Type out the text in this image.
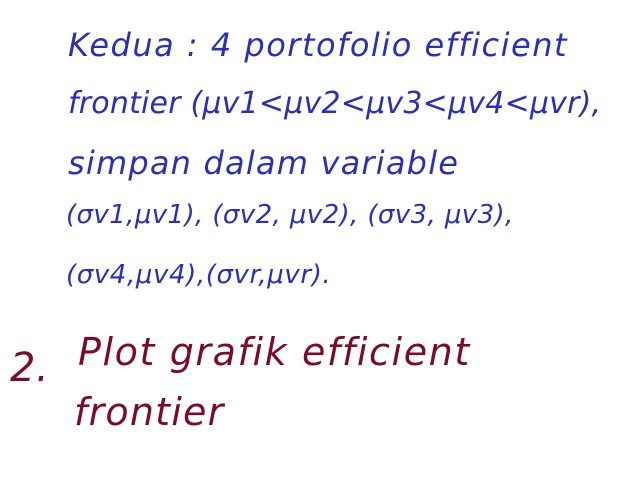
Kedua : 4 portofolio efficient
frontier (μv1<μv2<μv3<μv4<μvr),
simpan dalam variable
(σv1,μv1), (σv2, μv2), (σv3, μv3),
(σv4,μv4),(σvr,μvr).
2. Plot grafik efficient
frontier
